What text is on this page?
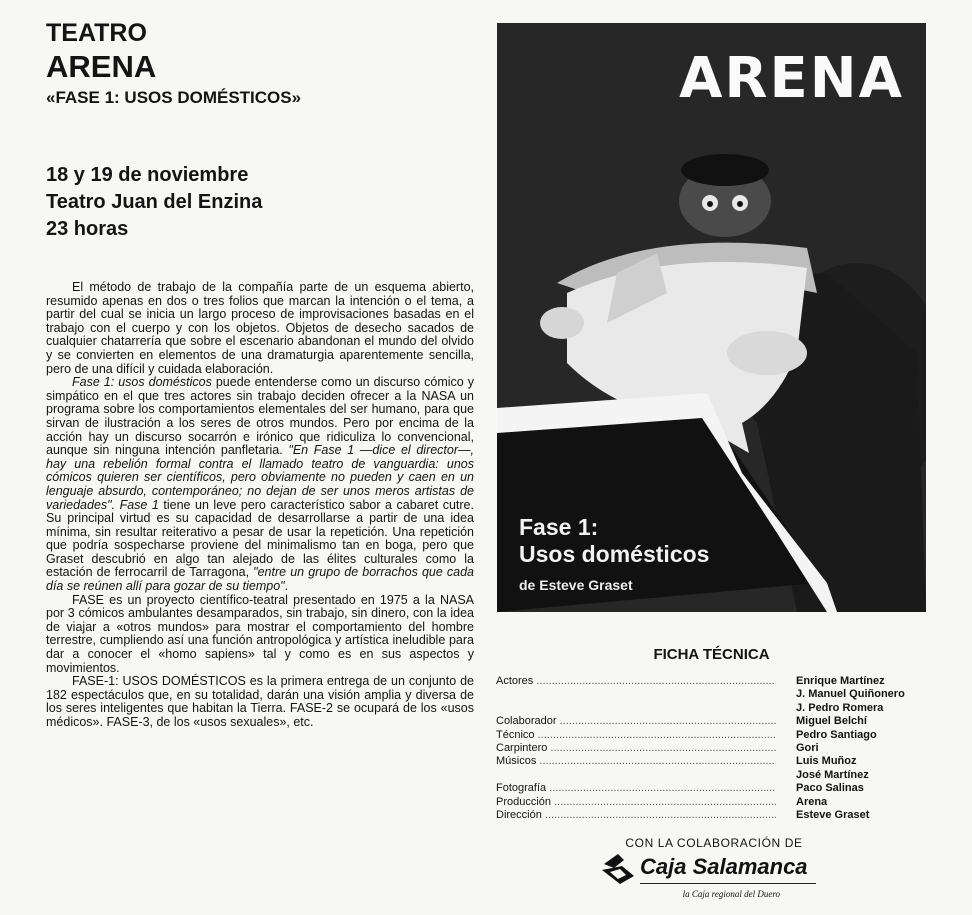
TEATRO
ARENA
«FASE 1: USOS DOMÉSTICOS»
18 y 19 de noviembre
Teatro Juan del Enzina
23 horas

El método de trabajo de la compañía parte de un esquema abierto, resumido apenas en dos o tres folios que marcan la intención o el tema, a partir del cual se inicia un largo proceso de improvisaciones basadas en el trabajo con el cuerpo y con los objetos. Objetos de desecho sacados de cualquier chatarrería que sobre el escenario abandonan el mundo del olvido y se convierten en elementos de una dramaturgia aparentemente sencilla, pero de una difícil y cuidada elaboración.

Fase 1: usos domésticos puede entenderse como un discurso cómico y simpático en el que tres actores sin trabajo deciden ofrecer a la NASA un programa sobre los comportamientos elementales del ser humano, para que sirvan de ilustración a los seres de otros mundos. Pero por encima de la acción hay un discurso socarrón e irónico que ridiculiza lo convencional, aunque sin ninguna intención panfletaria. "En Fase 1 —dice el director—, hay una rebelión formal contra el llamado teatro de vanguardia: unos cómicos quieren ser científicos, pero obviamente no pueden y caen en un lenguaje absurdo, contemporáneo; no dejan de ser unos meros artistas de variedades". Fase 1 tiene un leve pero característico sabor a cabaret cutre. Su principal virtud es su capacidad de desarrollarse a partir de una idea mínima, sin resultar reiterativo a pesar de usar la repetición. Una repetición que podría sospecharse proviene del minimalismo tan en boga, pero que Graset descubrió en algo tan alejado de las élites culturales como la estación de ferrocarril de Tarragona, "entre un grupo de borrachos que cada día se reúnen allí para gozar de su tiempo".

FASE es un proyecto científico-teatral presentado en 1975 a la NASA por 3 cómicos ambulantes desamparados, sin trabajo, sin dinero, con la idea de viajar a «otros mundos» para mostrar el comportamiento del hombre terrestre, cumpliendo así una función antropológica y artística ineludible para dar a conocer el «homo sapiens» tal y como es en sus aspectos y movimientos.

FASE-1: USOS DOMÉSTICOS es la primera entrega de un conjunto de 182 espectáculos que, en su totalidad, darán una visión amplia y diversa de los seres inteligentes que habitan la Tierra. FASE-2 se ocupará de los «usos médicos». FASE-3, de los «usos sexuales», etc.

ARENA
Fase 1:
Usos domésticos
de Esteve Graset
FICHA TÉCNICA
Actores .....	Enrique Martínez
J. Manuel Quiñonero
J. Pedro Romera
Colaborador .....	Miguel Belchí
Técnico .....	Pedro Santiago
Carpintero .....	Gori
Músicos .....	Luis Muñoz
José Martínez
Fotografía .....	Paco Salinas
Producción .....	Arena
Dirección .....	Esteve Graset
CON LA COLABORACIÓN DE
Caja Salamanca
la Caja regional del Duero
